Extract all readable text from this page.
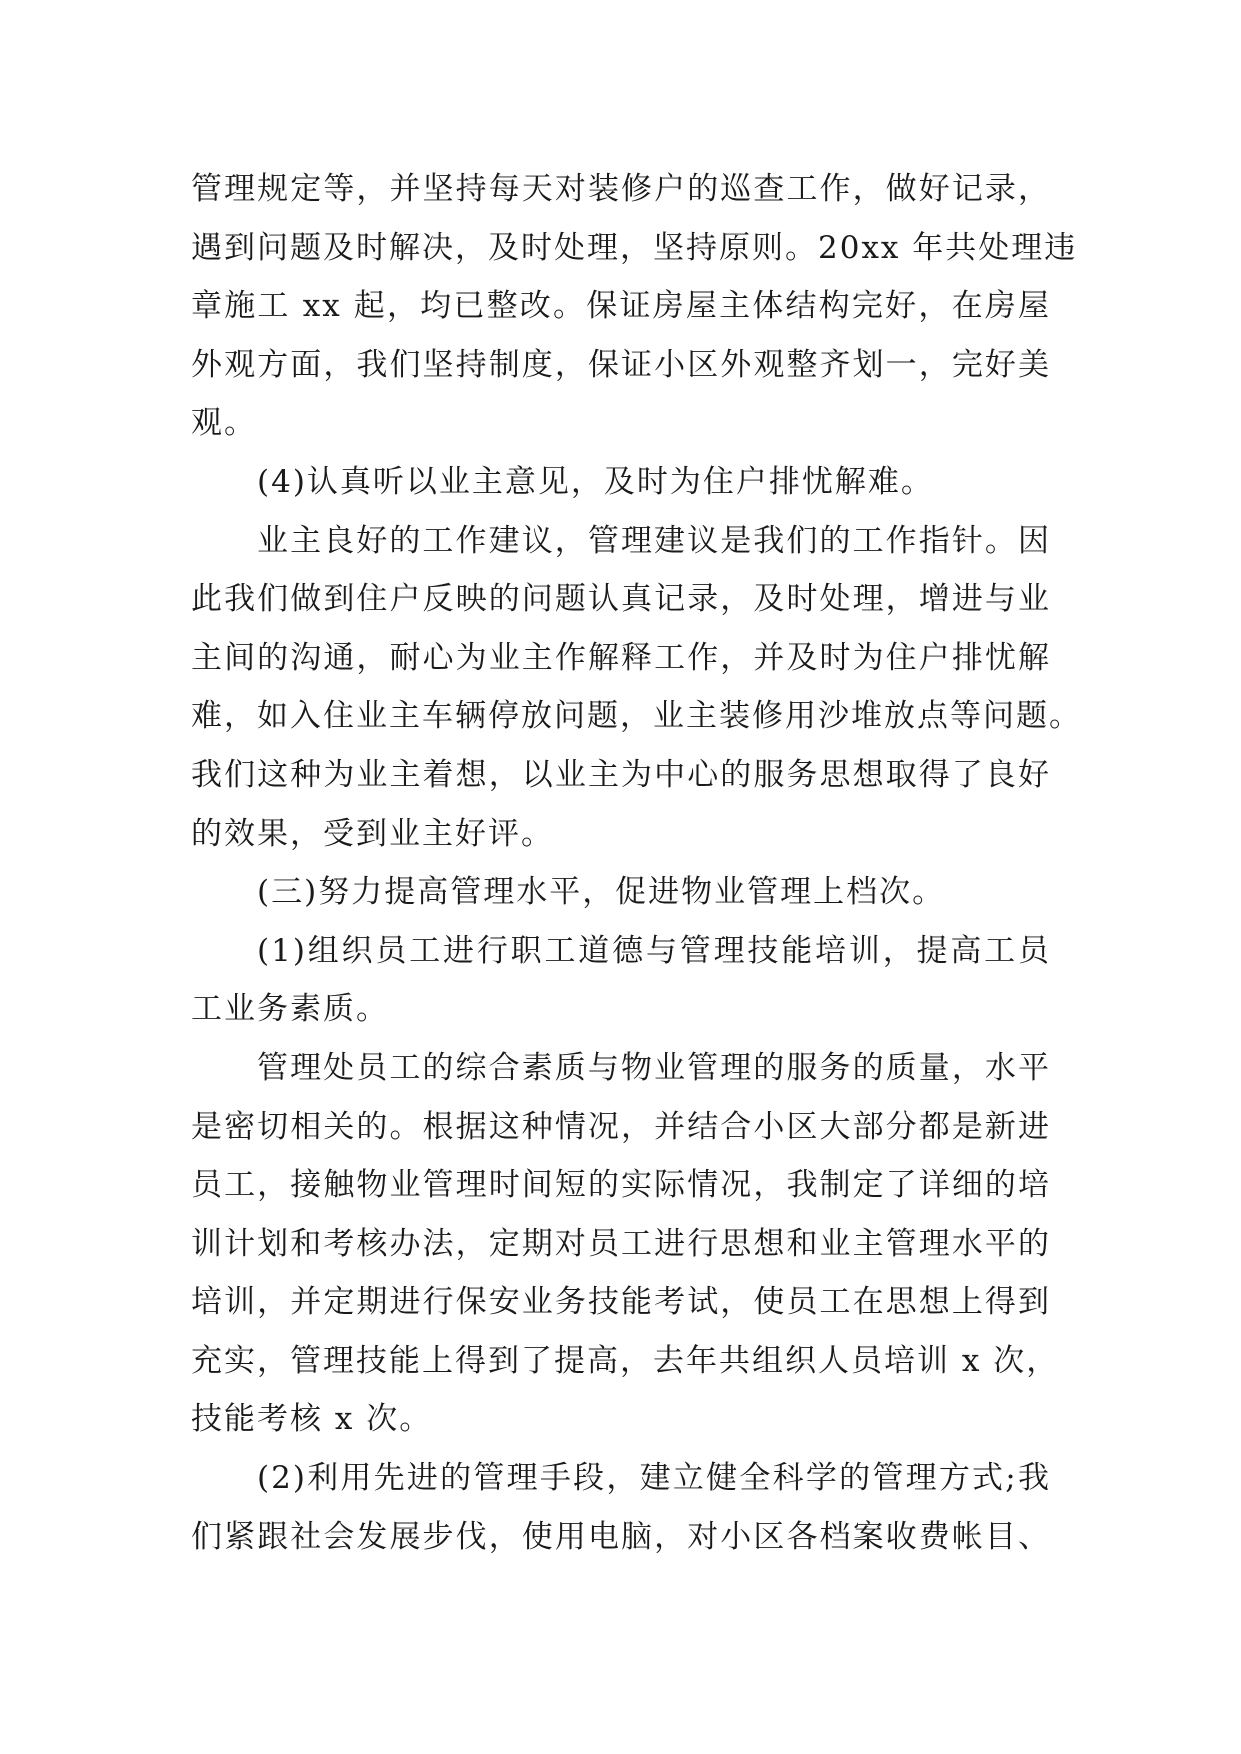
管理规定等，并坚持每天对装修户的巡查工作，做好记录，
遇到问题及时解决，及时处理，坚持原则。20xx 年共处理违
章施工 xx 起，均已整改。保证房屋主体结构完好，在房屋
外观方面，我们坚持制度，保证小区外观整齐划一，完好美
观。
(4)认真听以业主意见，及时为住户排忧解难。
业主良好的工作建议，管理建议是我们的工作指针。因
此我们做到住户反映的问题认真记录，及时处理，增进与业
主间的沟通，耐心为业主作解释工作，并及时为住户排忧解
难，如入住业主车辆停放问题，业主装修用沙堆放点等问题。
我们这种为业主着想，以业主为中心的服务思想取得了良好
的效果，受到业主好评。
(三)努力提高管理水平，促进物业管理上档次。
(1)组织员工进行职工道德与管理技能培训，提高工员
工业务素质。
管理处员工的综合素质与物业管理的服务的质量，水平
是密切相关的。根据这种情况，并结合小区大部分都是新进
员工，接触物业管理时间短的实际情况，我制定了详细的培
训计划和考核办法，定期对员工进行思想和业主管理水平的
培训，并定期进行保安业务技能考试，使员工在思想上得到
充实，管理技能上得到了提高，去年共组织人员培训 x 次，
技能考核 x 次。
(2)利用先进的管理手段，建立健全科学的管理方式;我
们紧跟社会发展步伐，使用电脑，对小区各档案收费帐目、
